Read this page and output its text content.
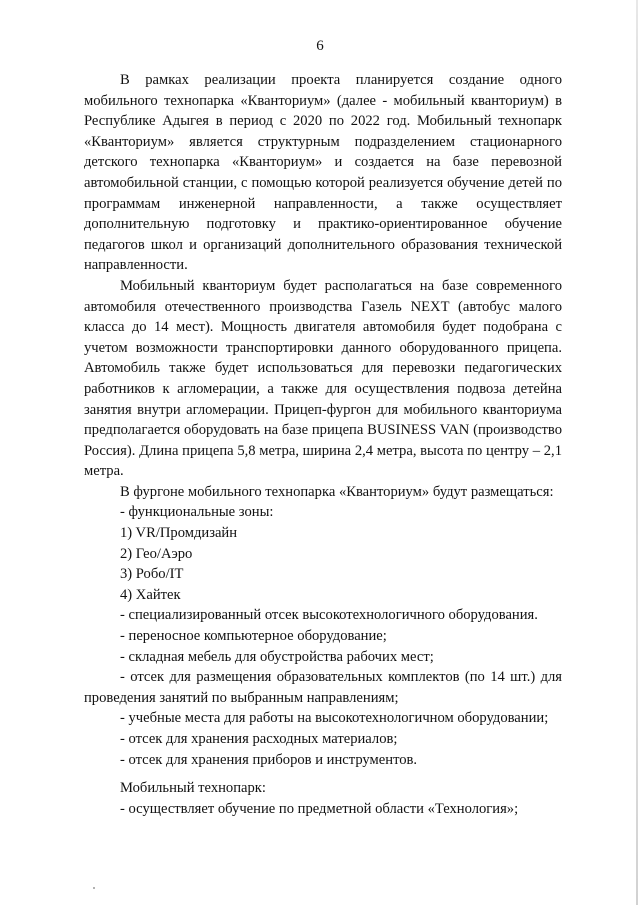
6

В рамках реализации проекта планируется создание одного мобильного технопарка «Кванториум» (далее - мобильный кванториум) в Республике Адыгея в период с 2020 по 2022 год. Мобильный технопарк «Кванториум» является структурным подразделением стационарного детского технопарка «Кванториум» и создается на базе перевозной автомобильной станции, с помощью которой реализуется обучение детей по программам инженерной направленности, а также осуществляет дополнительную подготовку и практико-ориентированное обучение педагогов школ и организаций дополнительного образования технической направленности.

Мобильный кванториум будет располагаться на базе современного автомобиля отечественного производства Газель NEXT (автобус малого класса до 14 мест). Мощность двигателя автомобиля будет подобрана с учетом возможности транспортировки данного оборудованного прицепа. Автомобиль также будет использоваться для перевозки педагогических работников к агломерации, а также для осуществления подвоза детейна занятия внутри агломерации. Прицеп-фургон для мобильного кванториума предполагается оборудовать на базе прицепа BUSINESS VAN (производство Россия). Длина прицепа 5,8 метра, ширина 2,4 метра, высота по центру – 2,1 метра.

В фургоне мобильного технопарка «Кванториум» будут размещаться:

- функциональные зоны:

1) VR/Промдизайн

2) Гео/Аэро

3) Робо/IT

4) Хайтек

- специализированный отсек высокотехнологичного оборудования.

- переносное компьютерное оборудование;

- складная мебель для обустройства рабочих мест;

- отсек для размещения образовательных комплектов (по 14 шт.) для проведения занятий по выбранным направлениям;

- учебные места для работы на высокотехнологичном оборудовании;

- отсек для хранения расходных материалов;

- отсек для хранения приборов и инструментов.

Мобильный технопарк:

- осуществляет обучение по предметной области «Технология»;
